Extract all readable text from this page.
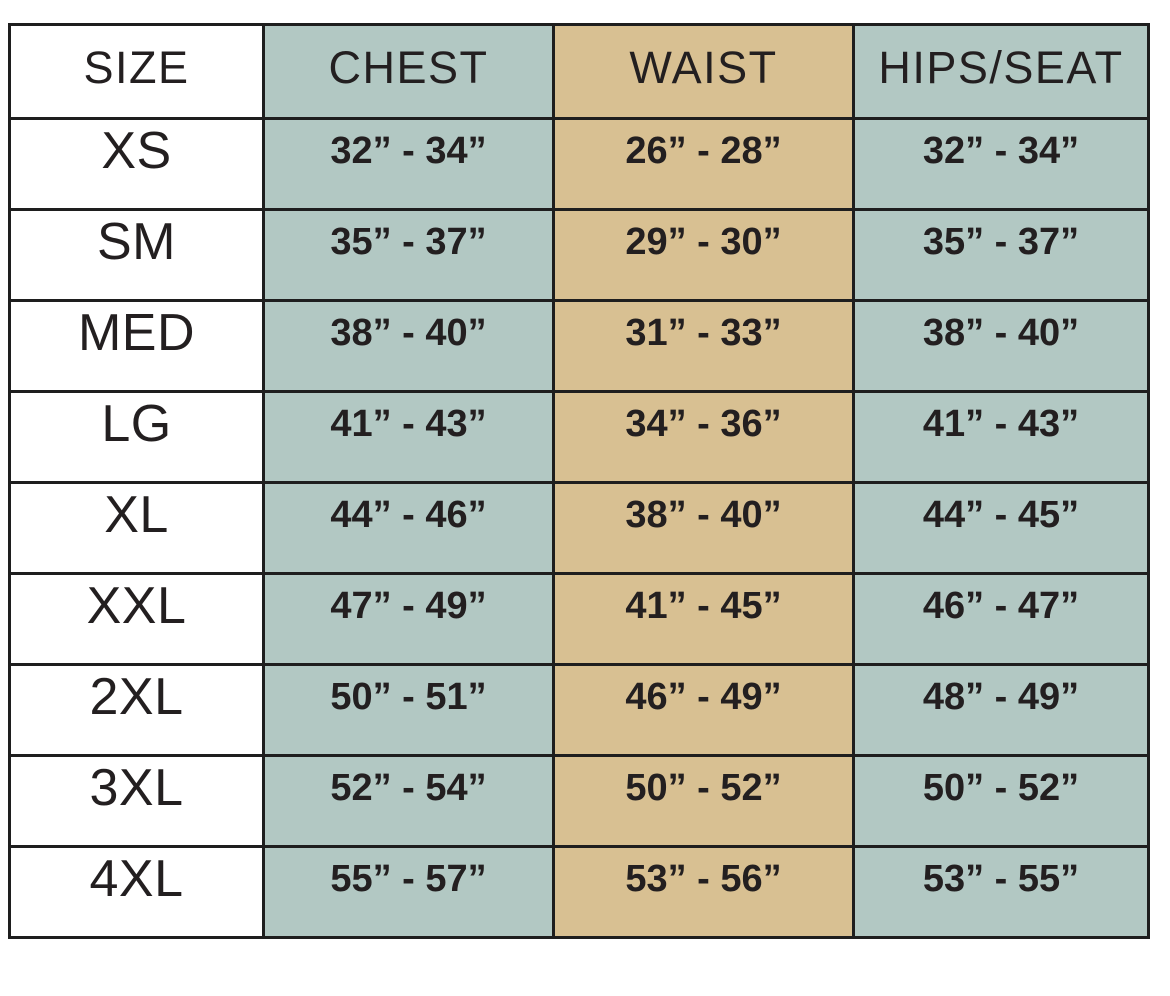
SIZE	CHEST	WAIST	HIPS/SEAT
XS	32” - 34”	26” - 28”	32” - 34”
SM	35” - 37”	29” - 30”	35” - 37”
MED	38” - 40”	31” - 33”	38” - 40”
LG	41” - 43”	34” - 36”	41” - 43”
XL	44” - 46”	38” - 40”	44” - 45”
XXL	47” - 49”	41” - 45”	46” - 47”
2XL	50” - 51”	46” - 49”	48” - 49”
3XL	52” - 54”	50” - 52”	50” - 52”
4XL	55” - 57”	53” - 56”	53” - 55”
